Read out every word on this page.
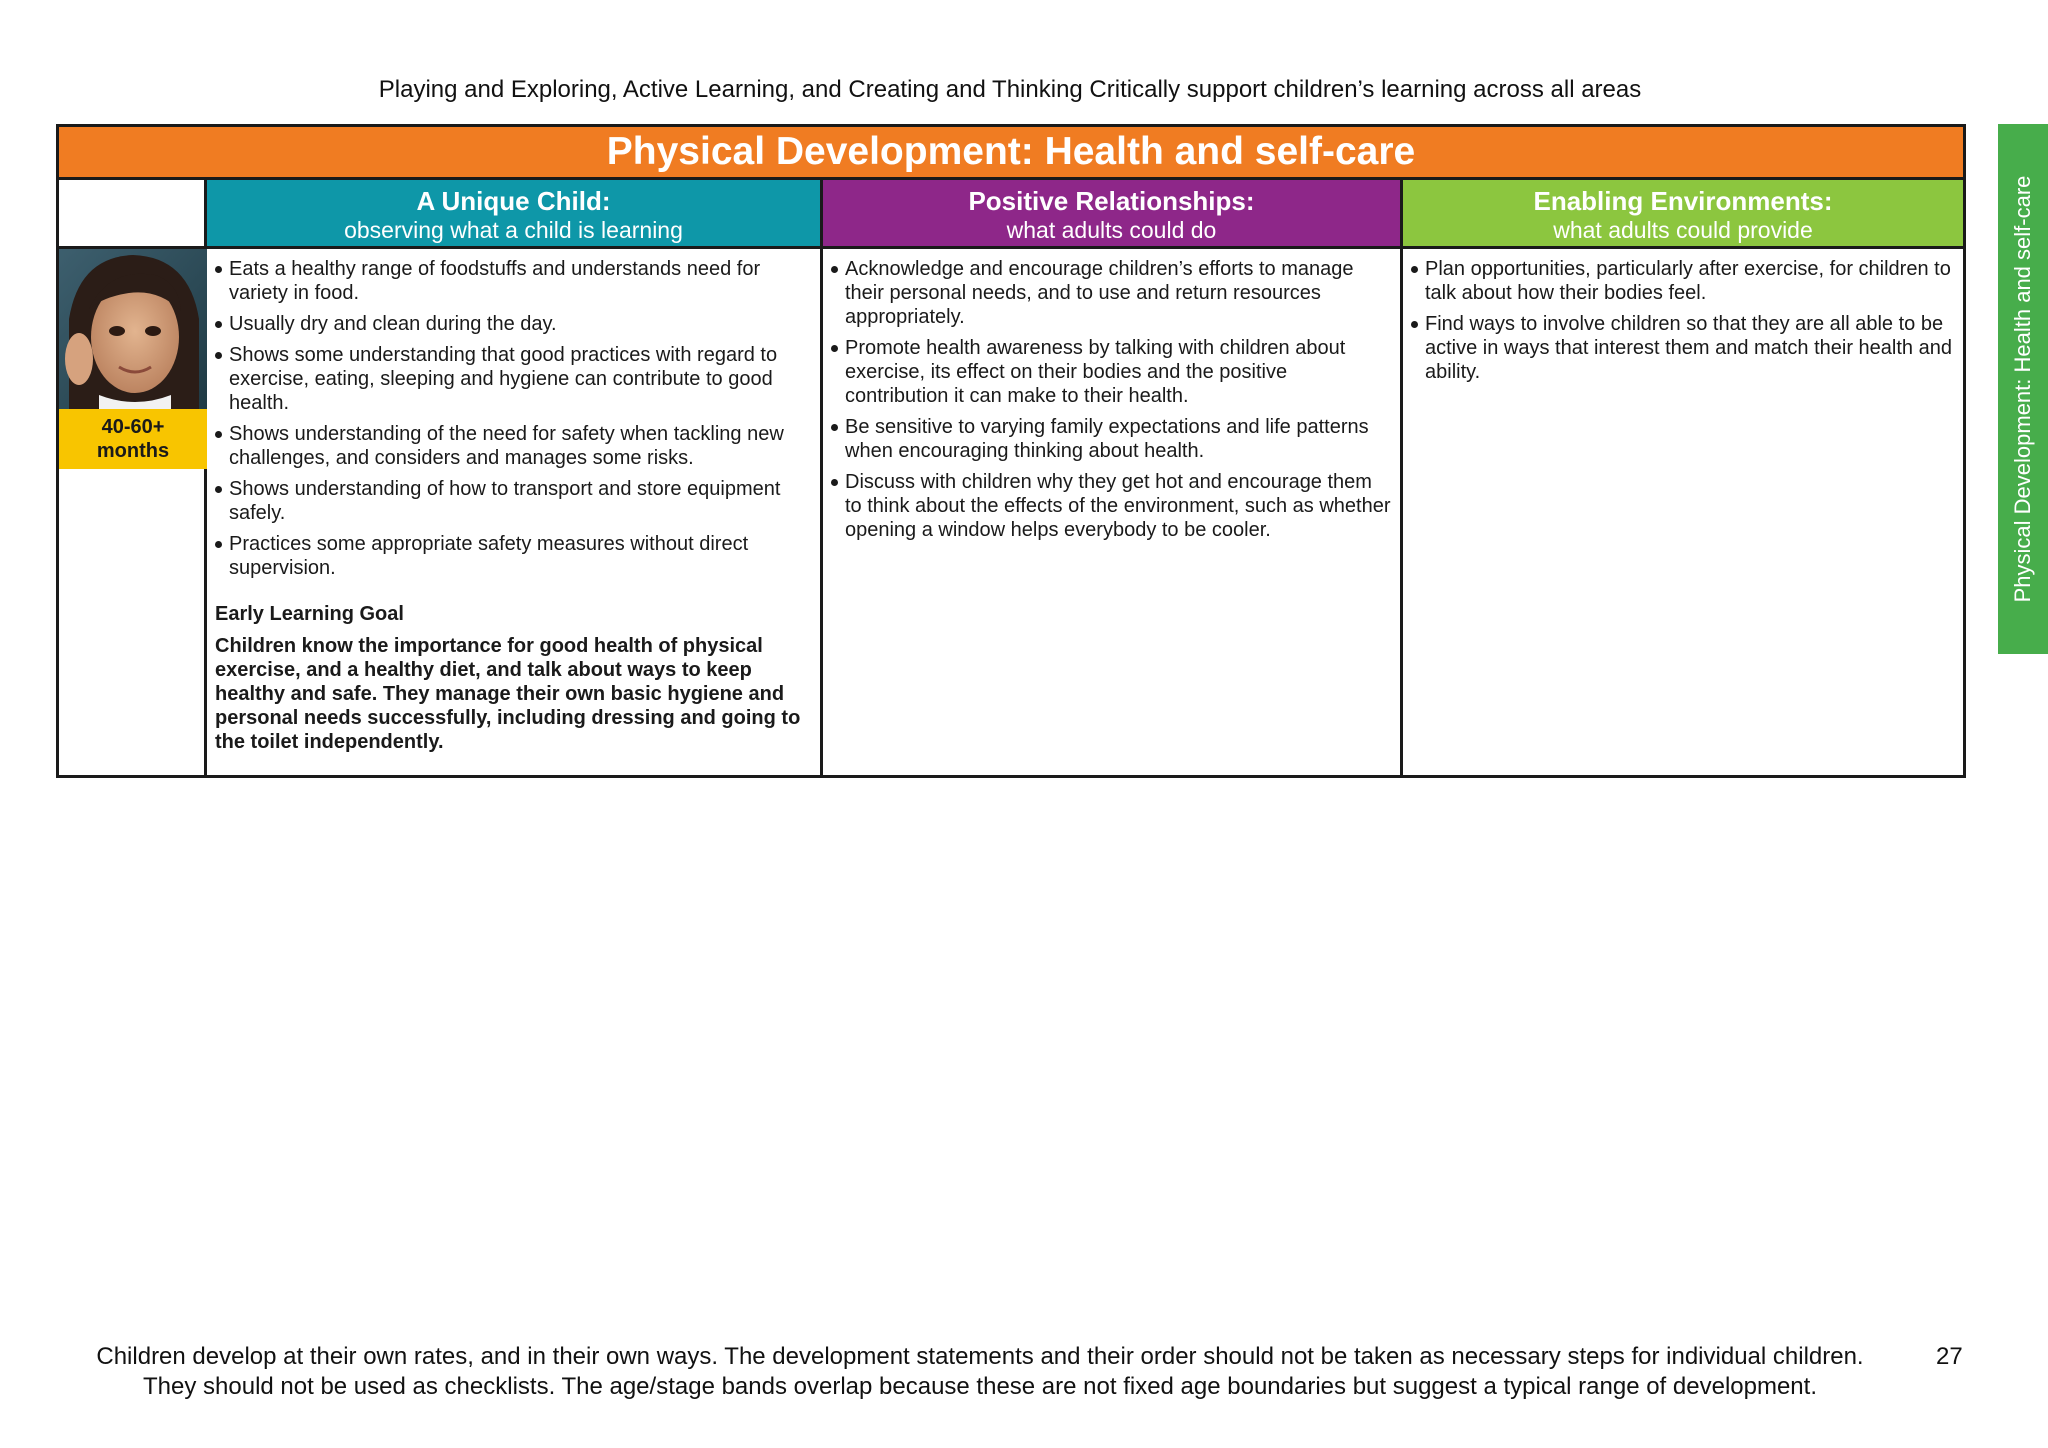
Playing and Exploring, Active Learning, and Creating and Thinking Critically support children’s learning across all areas
Physical Development: Health and self-care
A Unique Child:
observing what a child is learning
Positive Relationships:
what adults could do
Enabling Environments:
what adults could provide
40-60+
months
Eats a healthy range of foodstuffs and understands need for variety in food.
Usually dry and clean during the day.
Shows some understanding that good practices with regard to exercise, eating, sleeping and hygiene can contribute to good health.
Shows understanding of the need for safety when tackling new challenges, and considers and manages some risks.
Shows understanding of how to transport and store equipment safely.
Practices some appropriate safety measures without direct supervision.
Early Learning Goal
Children know the importance for good health of physical exercise, and a healthy diet, and talk about ways to keep healthy and safe. They manage their own basic hygiene and personal needs successfully, including dressing and going to the toilet independently.
Acknowledge and encourage children’s efforts to manage their personal needs, and to use and return resources appropriately.
Promote health awareness by talking with children about exercise, its effect on their bodies and the positive contribution it can make to their health.
Be sensitive to varying family expectations and life patterns when encouraging thinking about health.
Discuss with children why they get hot and encourage them to think about the effects of the environment, such as whether opening a window helps everybody to be cooler.
Plan opportunities, particularly after exercise, for children to talk about how their bodies feel.
Find ways to involve children so that they are all able to be active in ways that interest them and match their health and ability.	Physical Development: Health and self-care
Children develop at their own rates, and in their own ways. The development statements and their order should not be taken as necessary steps for individual children.
They should not be used as checklists. The age/stage bands overlap because these are not fixed age boundaries but suggest a typical range of development.
27
